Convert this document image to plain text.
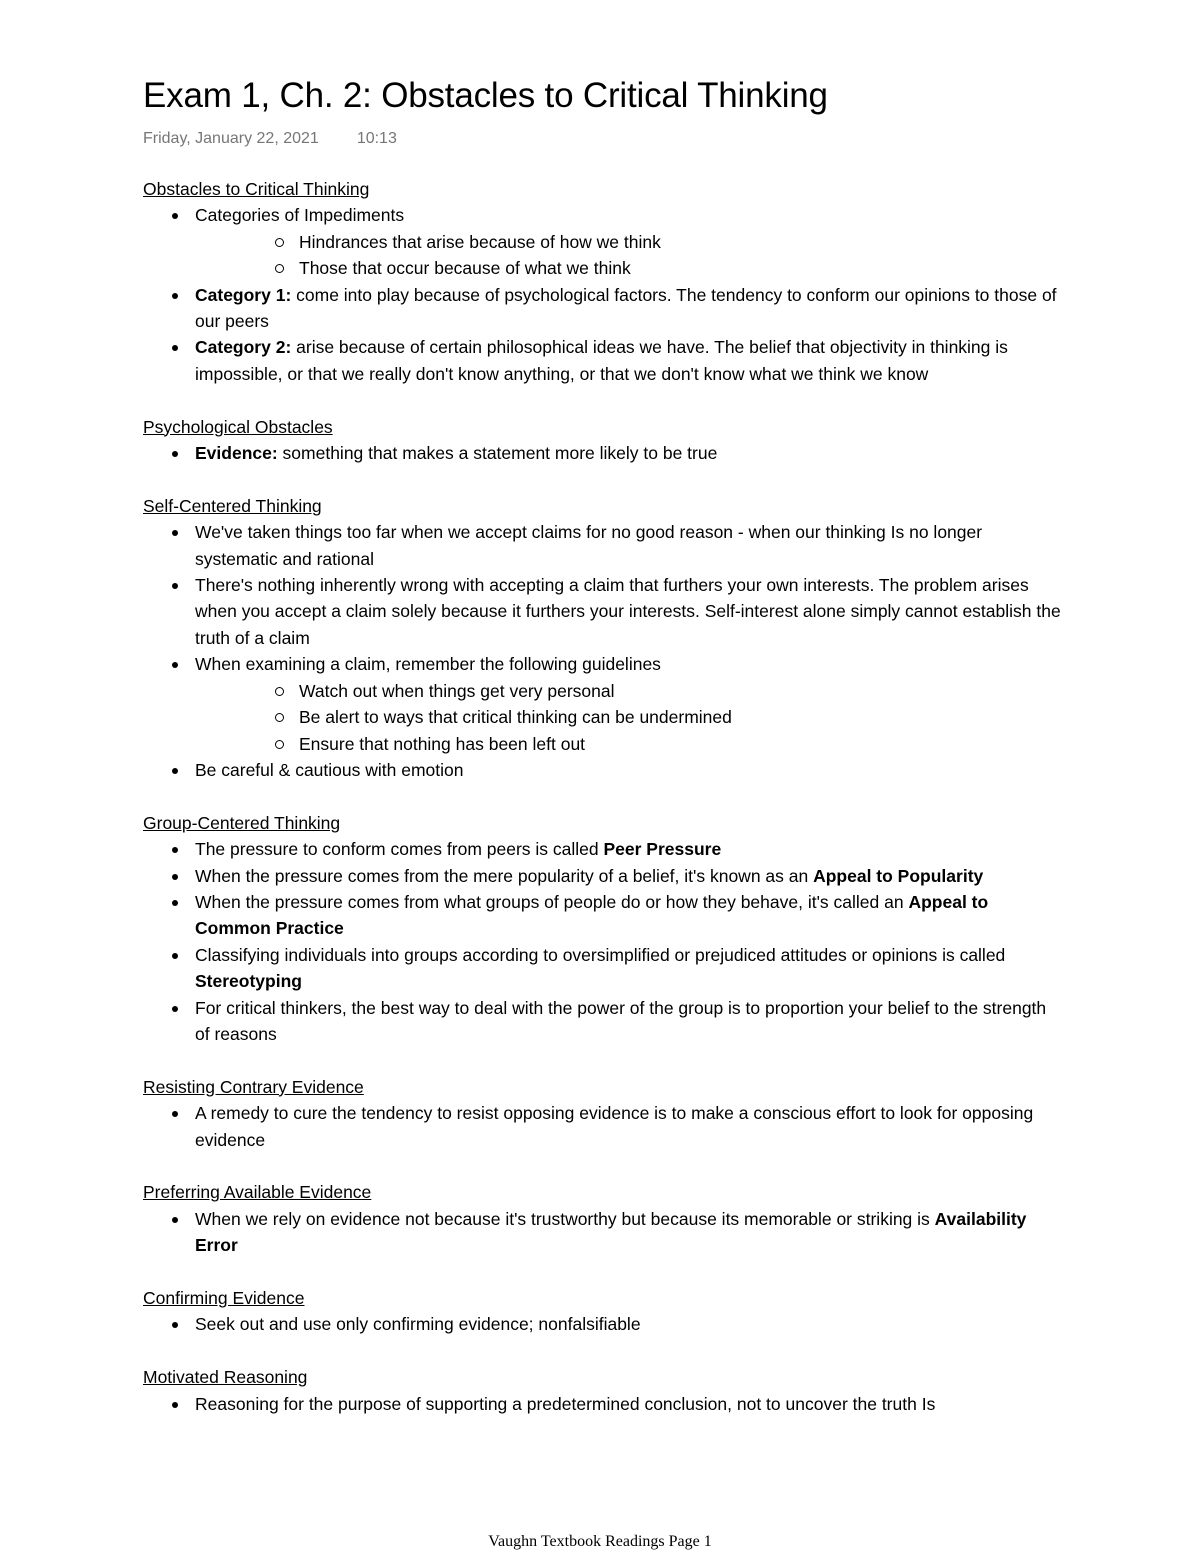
Exam 1, Ch. 2: Obstacles to Critical Thinking
Friday, January 22, 2021 10:13
Obstacles to Critical Thinking
Categories of Impediments
Hindrances that arise because of how we think
Those that occur because of what we think
Category 1: come into play because of psychological factors. The tendency to conform our opinions to those of our peers
Category 2: arise because of certain philosophical ideas we have. The belief that objectivity in thinking is impossible, or that we really don't know anything, or that we don't know what we think we know
Psychological Obstacles
Evidence: something that makes a statement more likely to be true
Self-Centered Thinking
We've taken things too far when we accept claims for no good reason - when our thinking Is no longer systematic and rational
There's nothing inherently wrong with accepting a claim that furthers your own interests. The problem arises when you accept a claim solely because it furthers your interests. Self-interest alone simply cannot establish the truth of a claim
When examining a claim, remember the following guidelines
Watch out when things get very personal
Be alert to ways that critical thinking can be undermined
Ensure that nothing has been left out
Be careful & cautious with emotion
Group-Centered Thinking
The pressure to conform comes from peers is called Peer Pressure
When the pressure comes from the mere popularity of a belief, it's known as an Appeal to Popularity
When the pressure comes from what groups of people do or how they behave, it's called an Appeal to Common Practice
Classifying individuals into groups according to oversimplified or prejudiced attitudes or opinions is called Stereotyping
For critical thinkers, the best way to deal with the power of the group is to proportion your belief to the strength of reasons
Resisting Contrary Evidence
A remedy to cure the tendency to resist opposing evidence is to make a conscious effort to look for opposing evidence
Preferring Available Evidence
When we rely on evidence not because it's trustworthy but because its memorable or striking is Availability Error
Confirming Evidence
Seek out and use only confirming evidence; nonfalsifiable
Motivated Reasoning
Reasoning for the purpose of supporting a predetermined conclusion, not to uncover the truth Is
Vaughn Textbook Readings Page 1
